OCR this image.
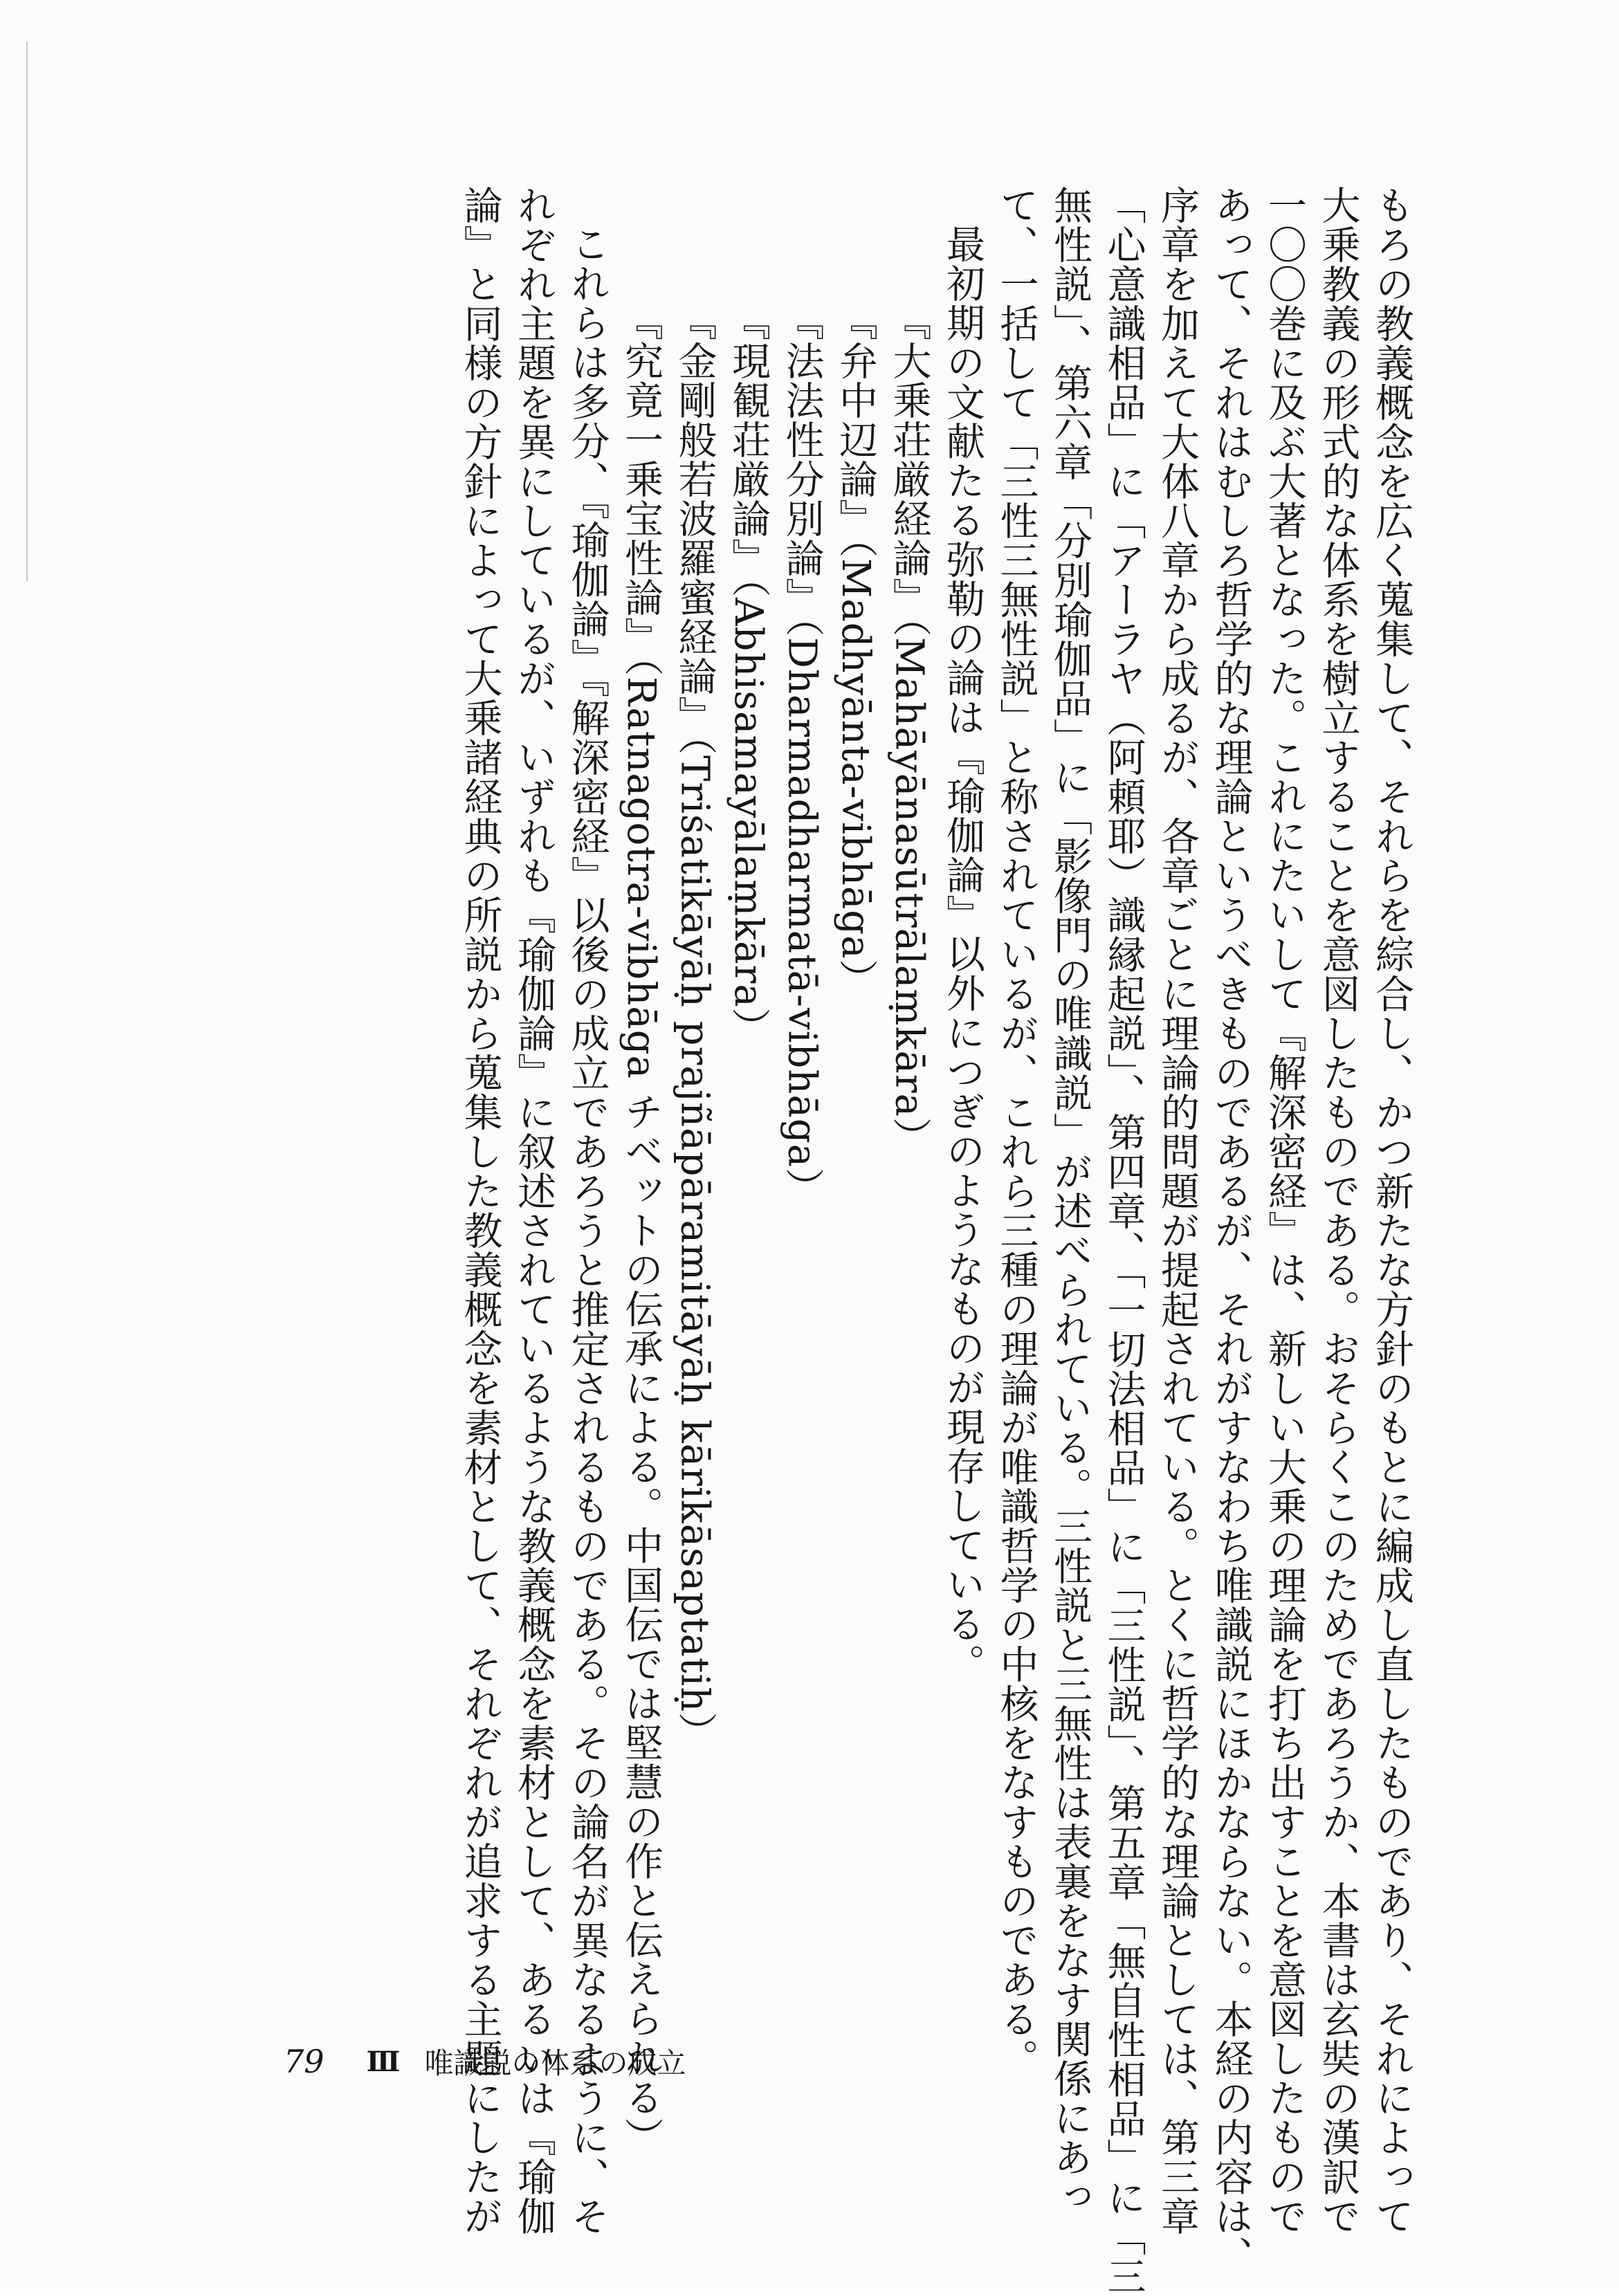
もろの教義概念を広く蒐集して、それらを綜合し、かつ新たな方針のもとに編成し直したものであり、それによって
大乗教義の形式的な体系を樹立することを意図したものである。おそらくこのためであろうか、本書は玄奘の漢訳で
一〇〇巻に及ぶ大著となった。これにたいして『解深密経』は、新しい大乗の理論を打ち出すことを意図したもので
あって、それはむしろ哲学的な理論というべきものであるが、それがすなわち唯識説にほかならない。本経の内容は、
序章を加えて大体八章から成るが、各章ごとに理論的問題が提起されている。とくに哲学的な理論としては、第三章
「心意識相品」に「アーラヤ（阿頼耶）識縁起説」、第四章、「一切法相品」に「三性説」、第五章「無自性相品」に「三
無性説」、第六章「分別瑜伽品」に「影像門の唯識説」が述べられている。三性説と三無性は表裏をなす関係にあっ
て、一括して「三性三無性説」と称されているが、これら三種の理論が唯識哲学の中核をなすものである。
最初期の文献たる弥勒の論は『瑜伽論』以外につぎのようなものが現存している。
『大乗荘厳経論』（Mahāyānasūtrālaṃkāra）
『弁中辺論』（Madhyānta-vibhāga）
『法法性分別論』（Dharmadharmatā-vibhāga）
『現観荘厳論』（Abhisamayālaṃkāra）
『金剛般若波羅蜜経論』（Triśatikāyāḥ prajñāpāramitāyāḥ kārikāsaptatiḥ）
『究竟一乗宝性論』（Ratnagotra-vibhāga チベットの伝承による。中国伝では堅慧の作と伝えられる）
これらは多分、『瑜伽論』『解深密経』以後の成立であろうと推定されるものである。その論名が異なるように、そ
れぞれ主題を異にしているが、いずれも『瑜伽論』に叙述されているような教義概念を素材として、あるいは『瑜伽
論』と同様の方針によって大乗諸経典の所説から蒐集した教義概念を素材として、それぞれが追求する主題にしたが
79 Ⅲ 唯識説の体系の成立
